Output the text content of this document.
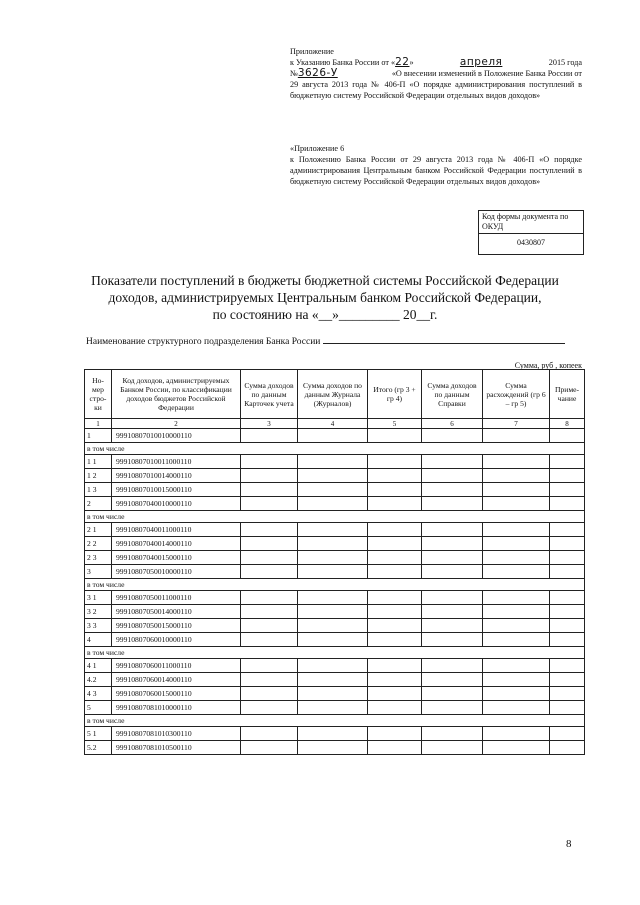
Приложение
к Указанию Банка России от «22»	апреля	2015 года
№3626-У	«О внесении изменений в Положение Банка России от
29 августа 2013 года № 406-П «О порядке администрирования поступлений в бюджетную систему Российской Федерации отдельных видов доходов»
«Приложение 6
к Положению Банка России от 29 августа 2013 года № 406-П «О порядке администрирования Центральным банком Российской Федерации поступлений в бюджетную систему Российской Федерации отдельных видов доходов»
Код формы документа по ОКУД
0430807
Показатели поступлений в бюджеты бюджетной системы Российской Федерации
доходов, администрируемых Центральным банком Российской Федерации,
по состоянию на «__»_________ 20__г.
Наименование структурного подразделения Банка России
Сумма, руб , копеек
Но-мер стро-ки	Код доходов, администрируемых Банком России, по классификации доходов бюджетов Российской Федерации	Сумма доходов по данным Карточек учета	Сумма доходов по данным Журнала (Журналов)	Итого (гр 3 + гр 4)	Сумма доходов по данным Справки	Сумма расхождений (гр 6 – гр 5)	Приме-чание
1	2	3	4	5	6	7	8
1	99910807010010000110						
в том числе							
1 1	99910807010011000110						
1 2	99910807010014000110						
1 3	99910807010015000110						
2	99910807040010000110						
в том числе							
2 1	99910807040011000110						
2 2	99910807040014000110						
2 3	99910807040015000110						
3	99910807050010000110						
в том числе							
3 1	99910807050011000110						
3 2	99910807050014000110						
3 3	99910807050015000110						
4	99910807060010000110						
в том числе							
4 1	99910807060011000110						
4.2	99910807060014000110						
4 3	99910807060015000110						
5	99910807081010000110						
в том числе							
5 1	99910807081010300110						
5.2	99910807081010500110						
8
